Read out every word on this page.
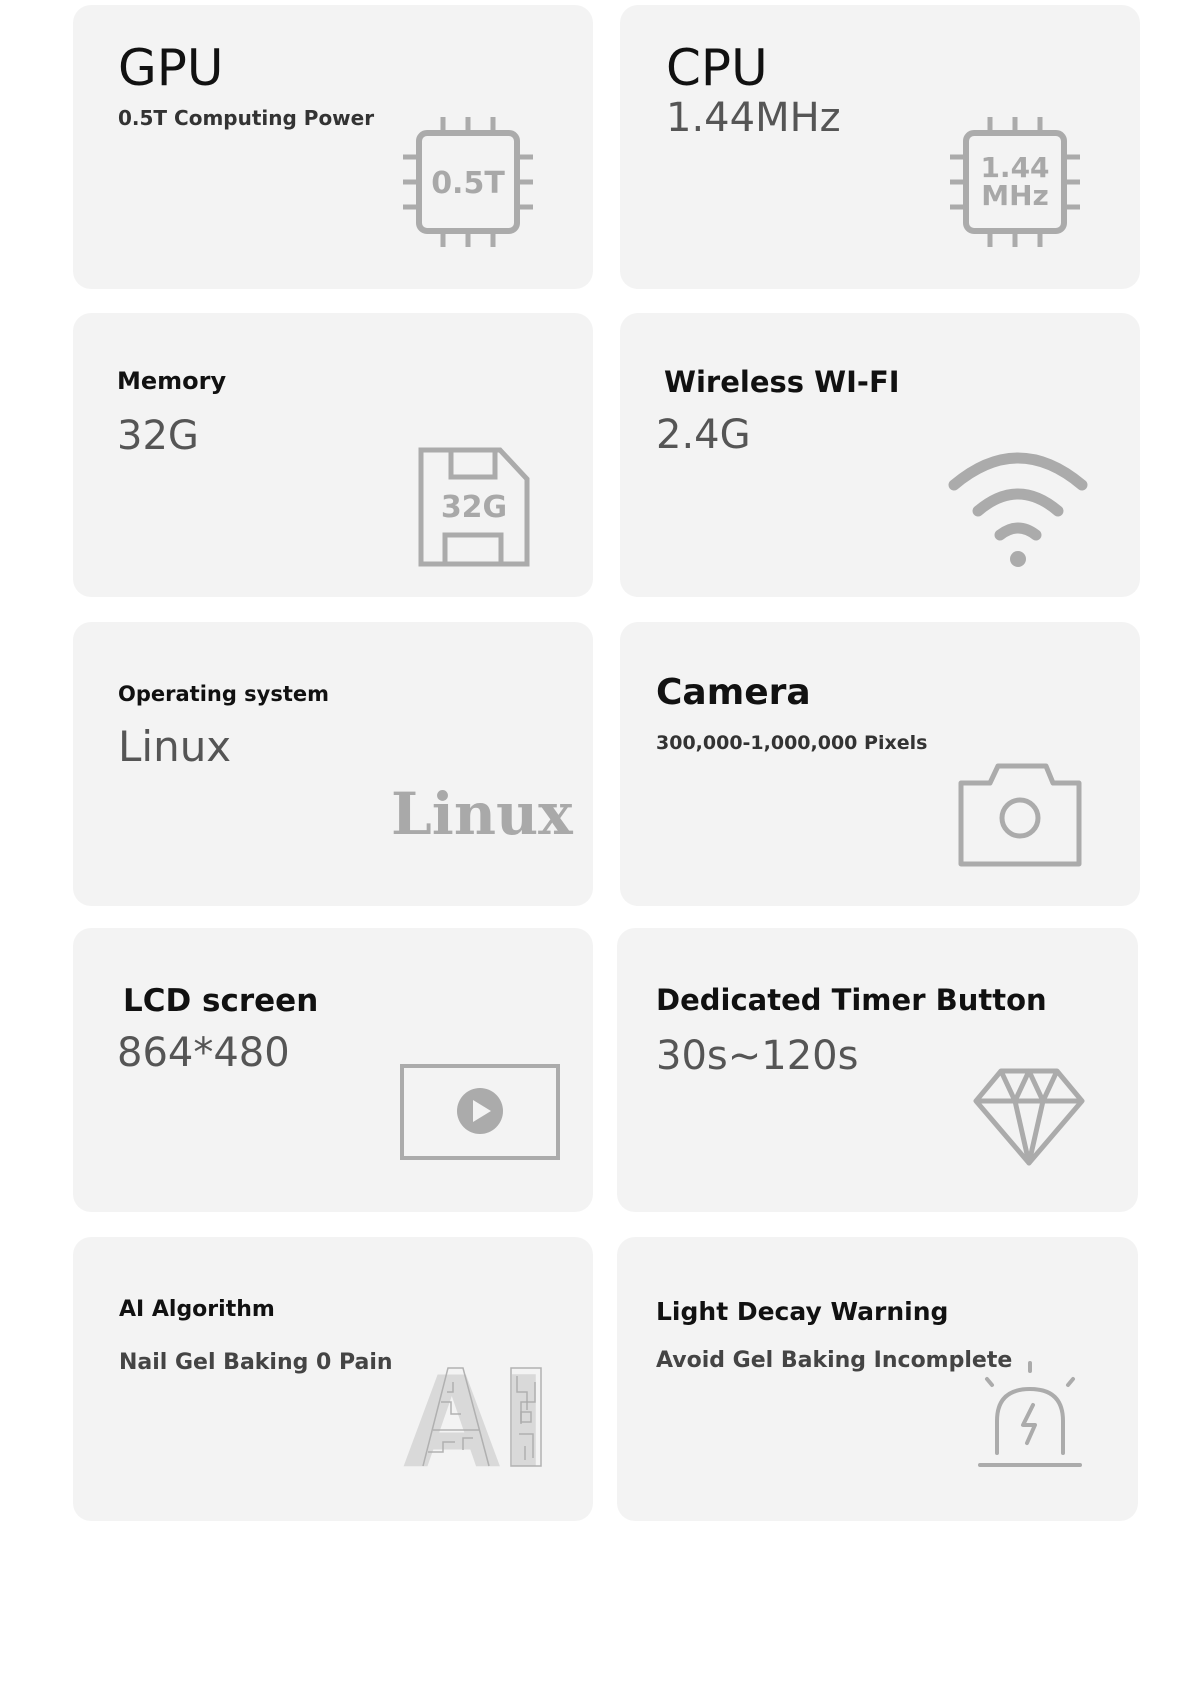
GPU
0.5T Computing Power
0.5T
CPU
1.44MHz
1.44
MHz
Memory
32G
32G
Wireless WI-FI
2.4G
Operating system
Linux
Linux
Camera
300,000-1,000,000 Pixels
LCD screen
864*480
Dedicated Timer Button
30s~120s
AI Algorithm
Nail Gel Baking 0 Pain AI
Light Decay Warning
Avoid Gel Baking Incomplete
